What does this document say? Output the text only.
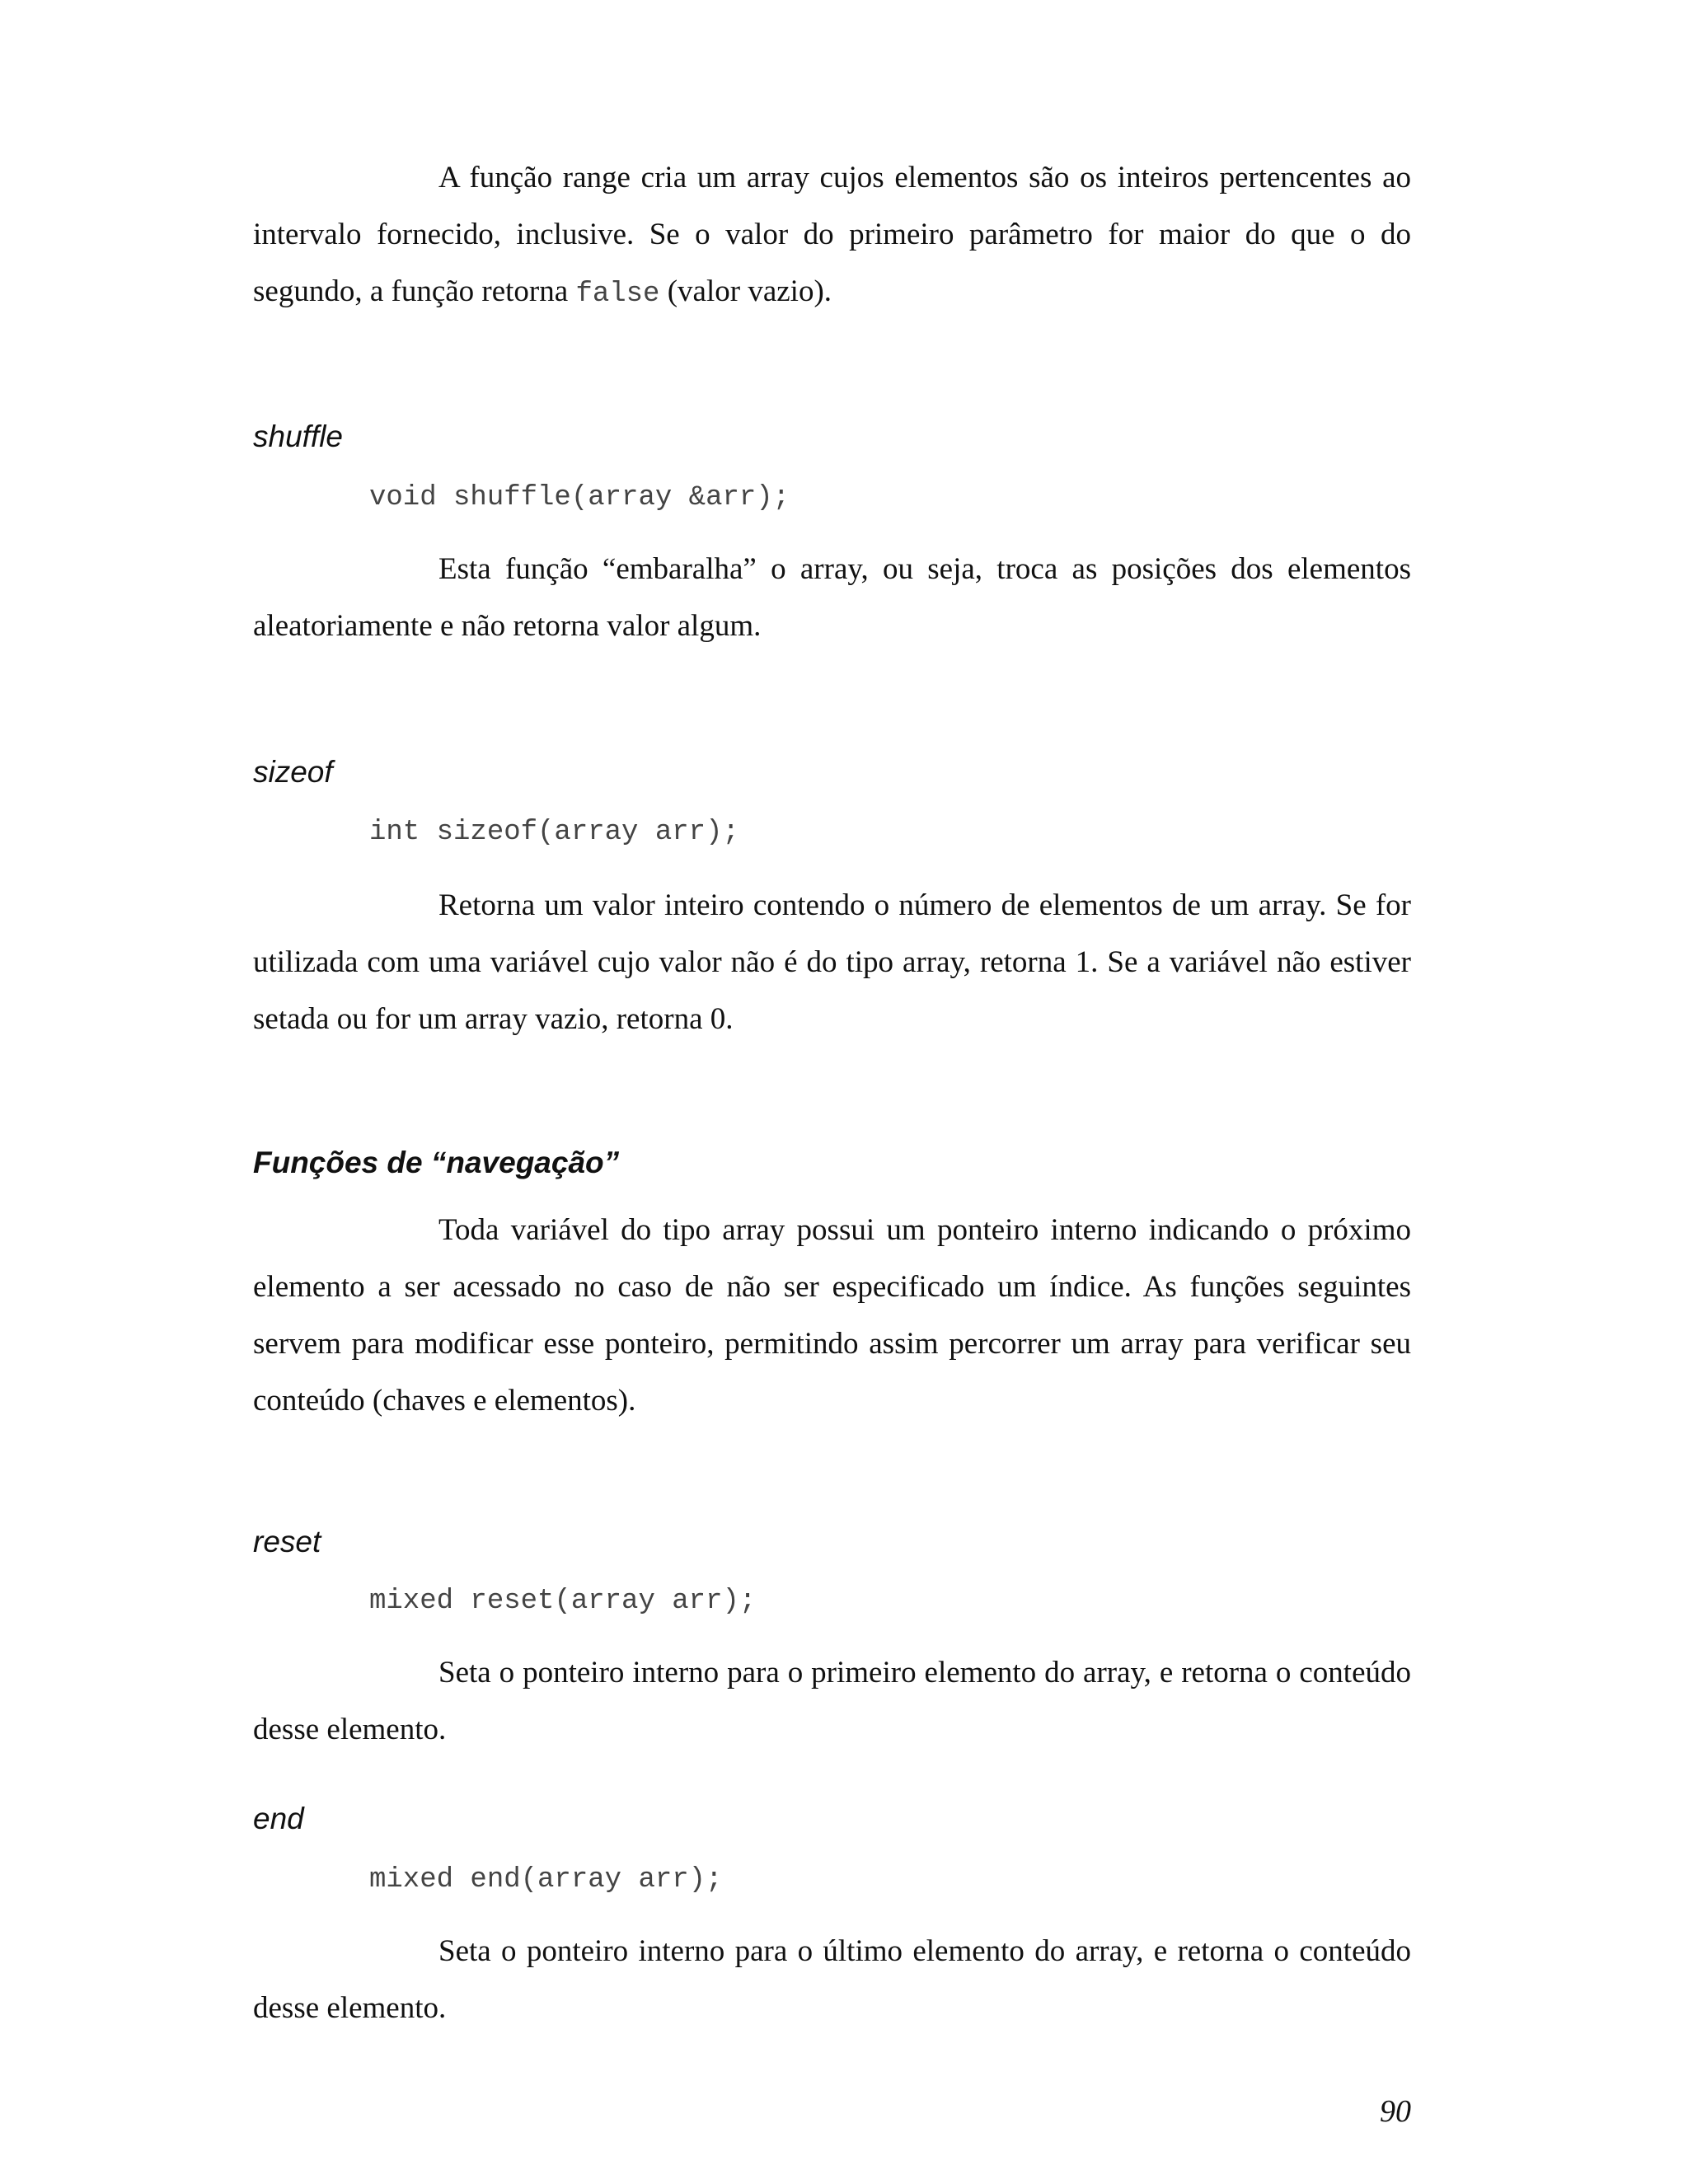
A função range cria um array cujos elementos são os inteiros pertencentes ao intervalo fornecido, inclusive. Se o valor do primeiro parâmetro for maior do que o do segundo, a função retorna false (valor vazio).

shuffle
void shuffle(array &arr);

Esta função “embaralha” o array, ou seja, troca as posições dos elementos aleatoriamente e não retorna valor algum.

sizeof
int sizeof(array arr);

Retorna um valor inteiro contendo o número de elementos de um array. Se for utilizada com uma variável cujo valor não é do tipo array, retorna 1. Se a variável não estiver setada ou for um array vazio, retorna 0.

Funções de “navegação”

Toda variável do tipo array possui um ponteiro interno indicando o próximo elemento a ser acessado no caso de não ser especificado um índice. As funções seguintes servem para modificar esse ponteiro, permitindo assim percorrer um array para verificar seu conteúdo (chaves e elementos).

reset
mixed reset(array arr);

Seta o ponteiro interno para o primeiro elemento do array, e retorna o conteúdo desse elemento.

end
mixed end(array arr);

Seta o ponteiro interno para o último elemento do array, e retorna o conteúdo desse elemento.

90
